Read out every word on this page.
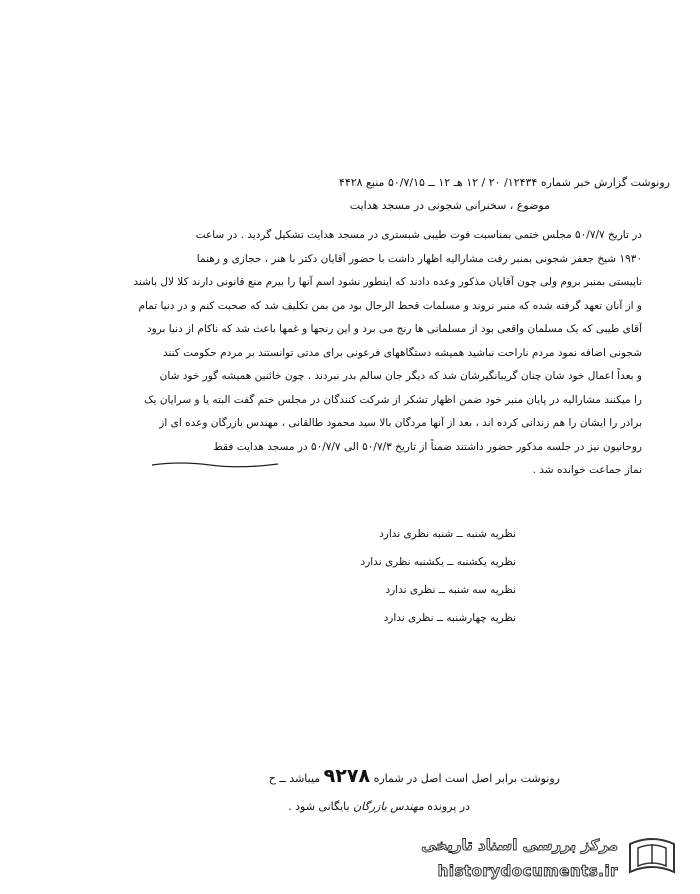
رونوشت گزارش خبر شماره ۱۲۴۳۴/ ۲۰ / ۱۲ هـ ۱۲ ــ ۵۰/۷/۱۵ منبع ۴۴۲۸
موضوع ، سخنرانی شجونی در مسجد هدایت
در تاریخ ۵۰/۷/۷ مجلس ختمی بمناسبت فوت طیبی شبستری در مسجد هدایت تشکیل گردید . در ساعت
۱۹۳۰ شیخ جعفر شجونی بمنبر رفت مشارالیه اظهار داشت با حضور آقایان دکتر با هنر ، حجازی و رهنما
ناپیستی بمنبر بروم ولی چون آقایان مذکور وعده دادند که اینطور نشود اسم آنها را بیرم منع قانونی دارند کلا لال باشند
و از آنان تعهد گرفته شده که منبر نروند و مسلمات قحط الرجال بود من بمن تکلیف شد که صحبت کنم و در دنیا تمام
آقای طیبی که یک مسلمان واقعی بود از مسلمانی ها رنج می برد و این رنجها و غمها باعث شد که ناکام از دنیا برود
شجونی اضافه نمود مردم ناراحت نباشید همیشه دستگاههای فرعونی برای مدتی توانستند بر مردم حکومت کنند
و بعداً اعمال خود شان چنان گریبانگیرشان شد که دیگر جان سالم بدر نبردند . چون خائنین همیشه گور خود شان
را میکنند مشارالیه در پایان منبر خود ضمن اظهار تشکر از شرکت کنندگان در مجلس ختم گفت البته یا و سرایان یک
برادر را ایشان را هم زندانی کرده اند ، بعد از آنها مردگان بالا سید محمود طالقانی ، مهندس بازرگان وعده ای از
روحانیون نیز در جلسه مذکور حضور داشتند ضمناً از تاریخ ۵۰/۷/۳ الی ۵۰/۷/۷ در مسجد هدایت فقط
نماز جماعت خوانده شد .
نظریه شنبه ــ شنبه نظری ندارد
نظریه یکشنبه ــ یکشنبه نظری ندارد
نظریه سه شنبه ــ نظری ندارد
نظریه چهارشنبه ــ نظری ندارد
رونوشت برابر اصل است اصل در شماره ۹۲۷۸ میباشد ــ ح
در پرونده مهندس بازرگان بایگانی شود .
مرکز بررسی اسناد تاریخی
historydocuments.ir
